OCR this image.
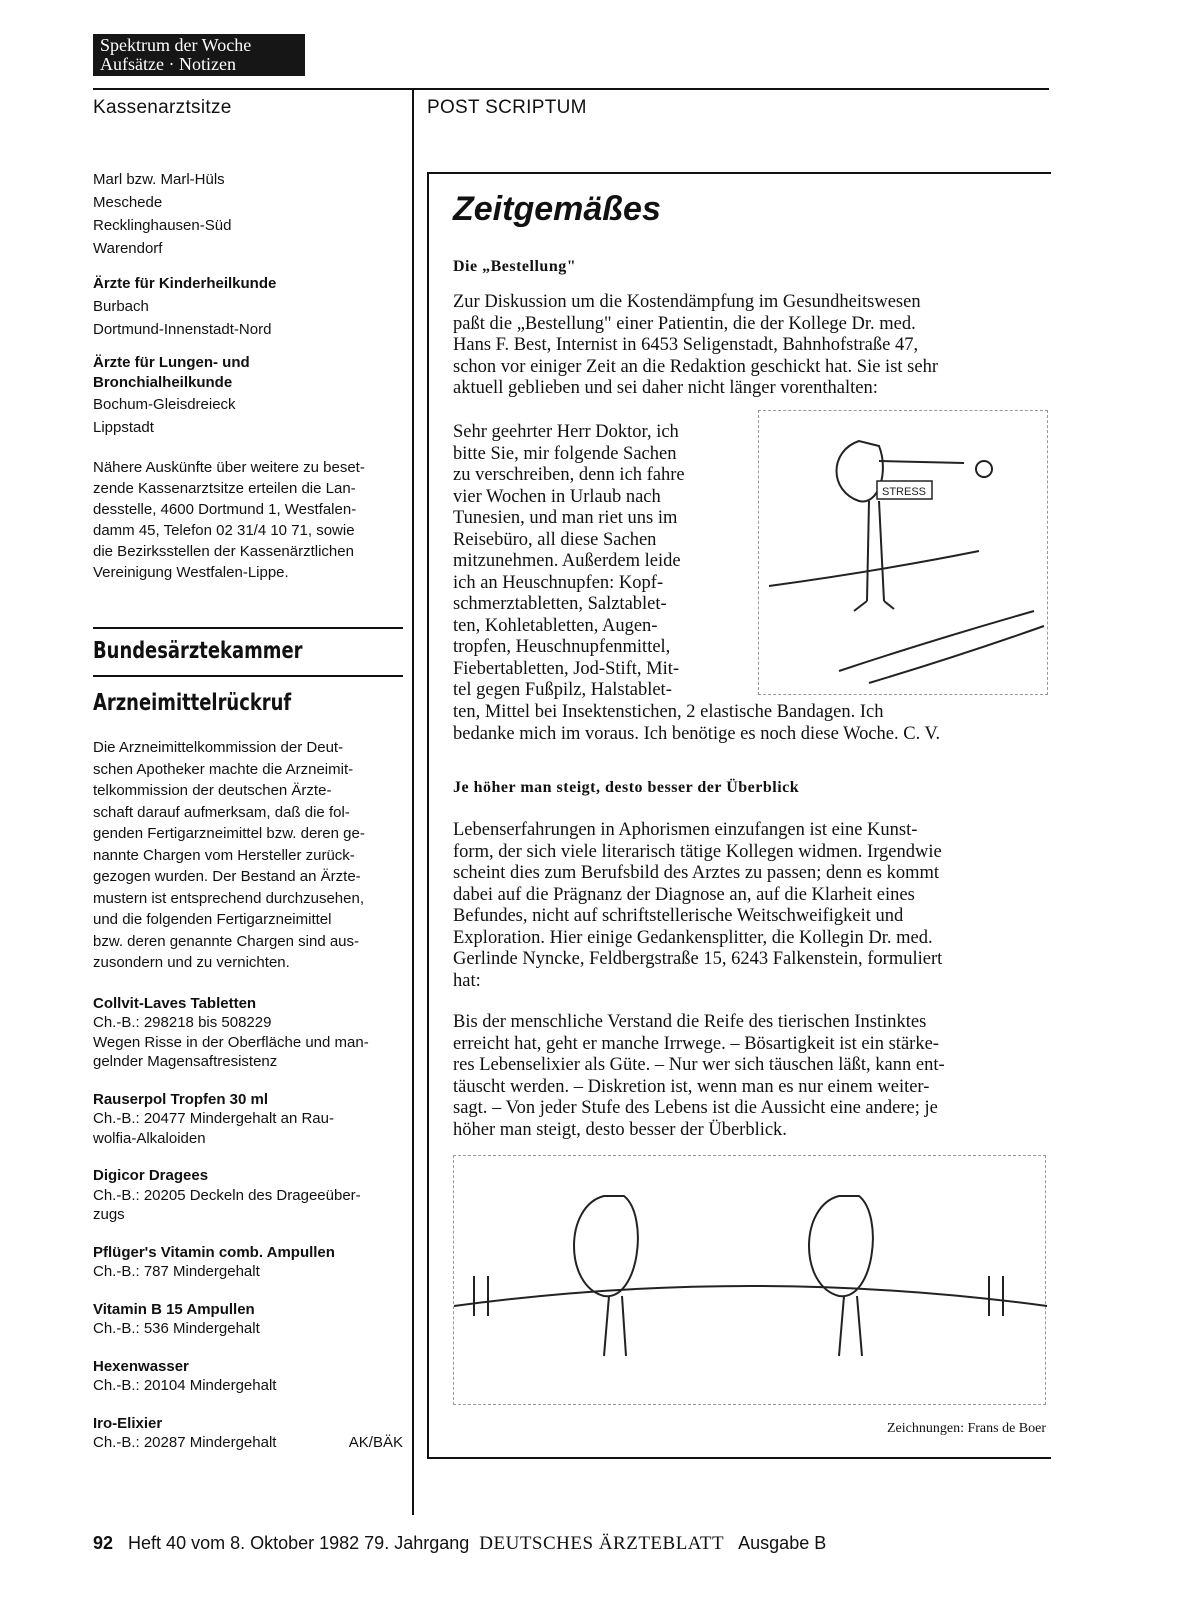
Spektrum der Woche
Aufsätze · Notizen
Kassenarztsitze	POST SCRIPTUM

Marl bzw. Marl-Hüls

Meschede

Recklinghausen-Süd

Warendorf

Ärzte für Kinderheilkunde

Burbach

Dortmund-Innenstadt-Nord

Ärzte für Lungen- und

Bronchialheilkunde

Bochum-Gleisdreieck

Lippstadt

Nähere Auskünfte über weitere zu beset-
zende Kassenarztsitze erteilen die Lan-
desstelle, 4600 Dortmund 1, Westfalen-
damm 45, Telefon 02 31/4 10 71, sowie
die Bezirksstellen der Kassenärztlichen
Vereinigung Westfalen-Lippe.
Bundesärztekammer
Arzneimittelrückruf
Die Arzneimittelkommission der Deut-
schen Apotheker machte die Arzneimit-
telkommission der deutschen Ärzte-
schaft darauf aufmerksam, daß die fol-
genden Fertigarzneimittel bzw. deren ge-
nannte Chargen vom Hersteller zurück-
gezogen wurden. Der Bestand an Ärzte-
mustern ist entsprechend durchzusehen,
und die folgenden Fertigarzneimittel
bzw. deren genannte Chargen sind aus-
zusondern und zu vernichten.
Collvit-Laves Tabletten
Ch.-B.: 298218 bis 508229
Wegen Risse in der Oberfläche und man-
gelnder Magensaftresistenz
Rauserpol Tropfen 30 ml
Ch.-B.: 20477 Mindergehalt an Rau-
wolfia-Alkaloiden
Digicor Dragees
Ch.-B.: 20205 Deckeln des Drageeüber-
zugs
Pflüger's Vitamin comb. Ampullen
Ch.-B.: 787 Mindergehalt
Vitamin B 15 Ampullen
Ch.-B.: 536 Mindergehalt
Hexenwasser
Ch.-B.: 20104 Mindergehalt
Iro-Elixier
Ch.-B.: 20287 Mindergehalt	AK/BÄK
Zeitgemäßes
Die „Bestellung"
Zur Diskussion um die Kostendämpfung im Gesundheitswesen
paßt die „Bestellung" einer Patientin, die der Kollege Dr. med.
Hans F. Best, Internist in 6453 Seligenstadt, Bahnhofstraße 47,
schon vor einiger Zeit an die Redaktion geschickt hat. Sie ist sehr
aktuell geblieben und sei daher nicht länger vorenthalten:
Sehr geehrter Herr Doktor, ich
bitte Sie, mir folgende Sachen
zu verschreiben, denn ich fahre
vier Wochen in Urlaub nach
Tunesien, und man riet uns im
Reisebüro, all diese Sachen
mitzunehmen. Außerdem leide
ich an Heuschnupfen: Kopf-
schmerztabletten, Salztablet-
ten, Kohletabletten, Augen-
tropfen, Heuschnupfenmittel,
Fiebertabletten, Jod-Stift, Mit-
tel gegen Fußpilz, Halstablet-
ten, Mittel bei Insektenstichen, 2 elastische Bandagen. Ich
bedanke mich im voraus. Ich benötige es noch diese Woche. C. V.
STRESS
Je höher man steigt, desto besser der Überblick
Lebenserfahrungen in Aphorismen einzufangen ist eine Kunst-
form, der sich viele literarisch tätige Kollegen widmen. Irgendwie
scheint dies zum Berufsbild des Arztes zu passen; denn es kommt
dabei auf die Prägnanz der Diagnose an, auf die Klarheit eines
Befundes, nicht auf schriftstellerische Weitschweifigkeit und
Exploration. Hier einige Gedankensplitter, die Kollegin Dr. med.
Gerlinde Nyncke, Feldbergstraße 15, 6243 Falkenstein, formuliert
hat:
Bis der menschliche Verstand die Reife des tierischen Instinktes
erreicht hat, geht er manche Irrwege. – Bösartigkeit ist ein stärke-
res Lebenselixier als Güte. – Nur wer sich täuschen läßt, kann ent-
täuscht werden. – Diskretion ist, wenn man es nur einem weiter-
sagt. – Von jeder Stufe des Lebens ist die Aussicht eine andere; je
höher man steigt, desto besser der Überblick.
Zeichnungen: Frans de Boer
92 Heft 40 vom 8. Oktober 1982 79. Jahrgang DEUTSCHES ÄRZTEBLATT Ausgabe B
